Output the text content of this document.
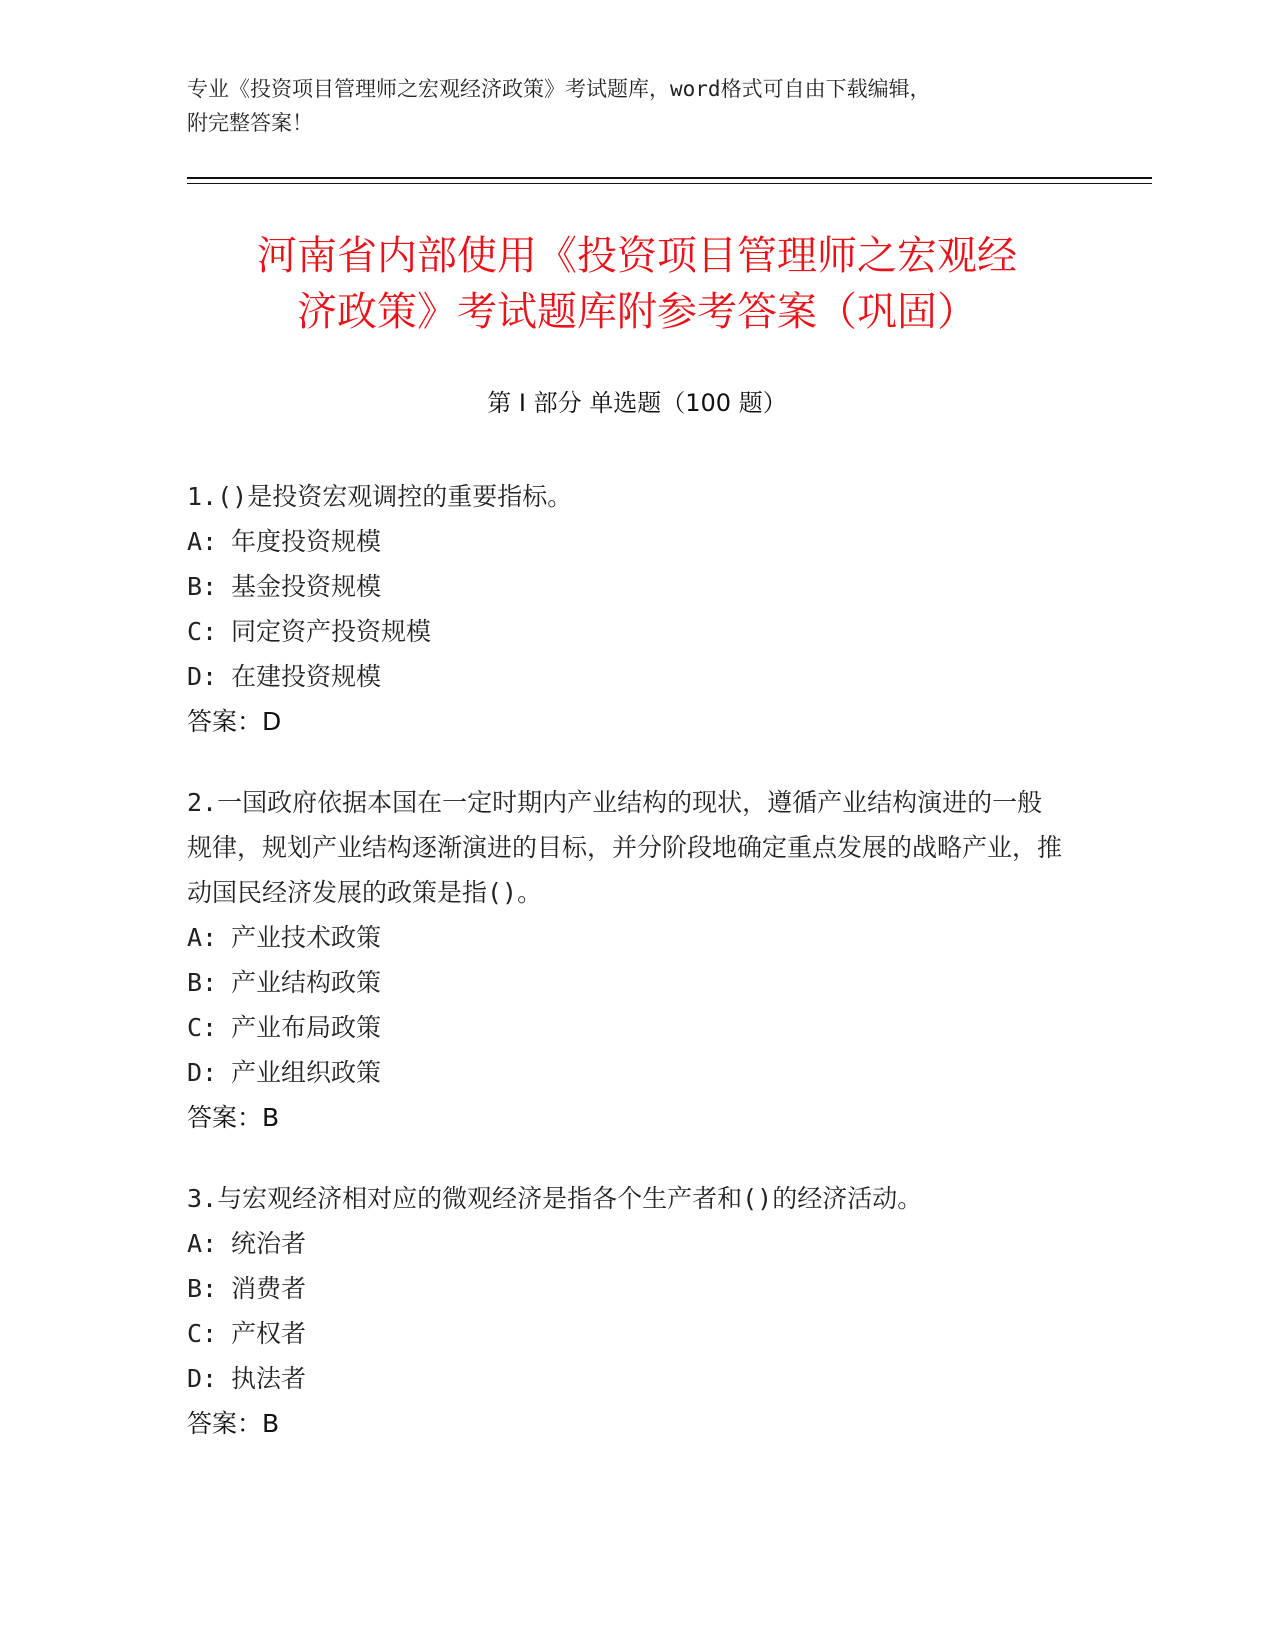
专业《投资项目管理师之宏观经济政策》考试题库，word格式可自由下载编辑，
附完整答案！
河南省内部使用《投资项目管理师之宏观经
济政策》考试题库附参考答案（巩固）
第 I 部分 单选题（100 题）

1.()是投资宏观调控的重要指标。

A: 年度投资规模
B: 基金投资规模
C: 同定资产投资规模
D: 在建投资规模
答案：D

2.一国政府依据本国在一定时期内产业结构的现状，遵循产业结构演进的一般规律，规划产业结构逐渐演进的目标，并分阶段地确定重点发展的战略产业，推动国民经济发展的政策是指()。

A: 产业技术政策
B: 产业结构政策
C: 产业布局政策
D: 产业组织政策
答案：B

3.与宏观经济相对应的微观经济是指各个生产者和()的经济活动。

A: 统治者
B: 消费者
C: 产权者
D: 执法者
答案：B
